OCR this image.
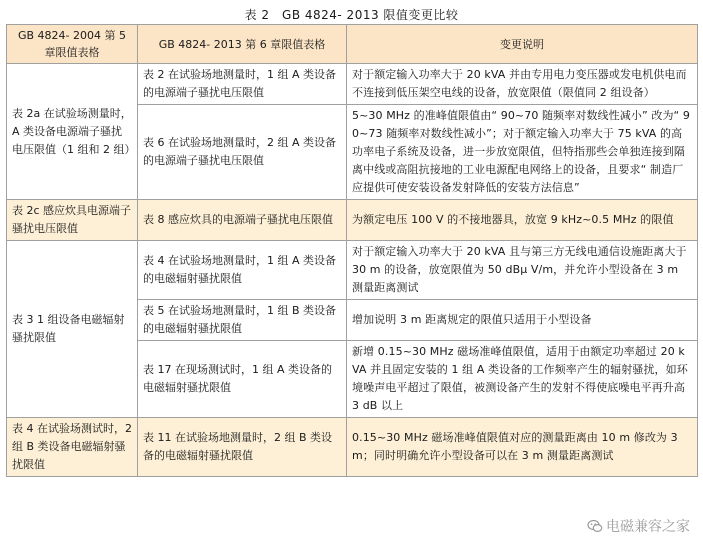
表 2　GB 4824- 2013 限值变更比较
GB 4824- 2004 第 5 章限值表格	GB 4824- 2013 第 6 章限值表格	变更说明
表 2a 在试验场测量时，A 类设备电源端子骚扰电压限值（1 组和 2 组）	表 2 在试验场地测量时，1 组 A 类设备的电源端子骚扰电压限值	对于额定输入功率大于 20 kVA 并由专用电力变压器或发电机供电而不连接到低压架空电线的设备，放宽限值（限值同 2 组设备）
	表 6 在试验场地测量时，2 组 A 类设备的电源端子骚扰电压限值	5~30 MHz 的准峰值限值由“ 90~70 随频率对数线性减小” 改为“ 90~73 随频率对数线性减小”；对于额定输入功率大于 75 kVA 的高功率电子系统及设备，进一步放宽限值，但特指那些会单独连接到隔离中线或高阻抗接地的工业电源配电网络上的设备，且要求“ 制造厂应提供可使安装设备发射降低的安装方法信息”
表 2c 感应炊具电源端子骚扰电压限值	表 8 感应炊具的电源端子骚扰电压限值	为额定电压 100 V 的不接地器具，放宽 9 kHz~0.5 MHz 的限值
表 3 1 组设备电磁辐射骚扰限值	表 4 在试验场地测量时，1 组 A 类设备的电磁辐射骚扰限值	对于额定输入功率大于 20 kVA 且与第三方无线电通信设施距离大于 30 m 的设备，放宽限值为 50 dBμ V/m，并允许小型设备在 3 m 测量距离测试
	表 5 在试验场地测量时，1 组 B 类设备的电磁辐射骚扰限值	增加说明 3 m 距离规定的限值只适用于小型设备
	表 17 在现场测试时，1 组 A 类设备的电磁辐射骚扰限值	新增 0.15~30 MHz 磁场准峰值限值，适用于由额定功率超过 20 kVA 并且固定安装的 1 组 A 类设备的工作频率产生的辐射骚扰，如环境噪声电平超过了限值，被测设备产生的发射不得使底噪电平再升高 3 dB 以上
表 4 在试验场测试时，2 组 B 类设备电磁辐射骚扰限值	表 11 在试验场地测量时，2 组 B 类设备的电磁辐射骚扰限值	0.15~30 MHz 磁场准峰值限值对应的测量距离由 10 m 修改为 3 m；同时明确允许小型设备可以在 3 m 测量距离测试
电磁兼容之家
